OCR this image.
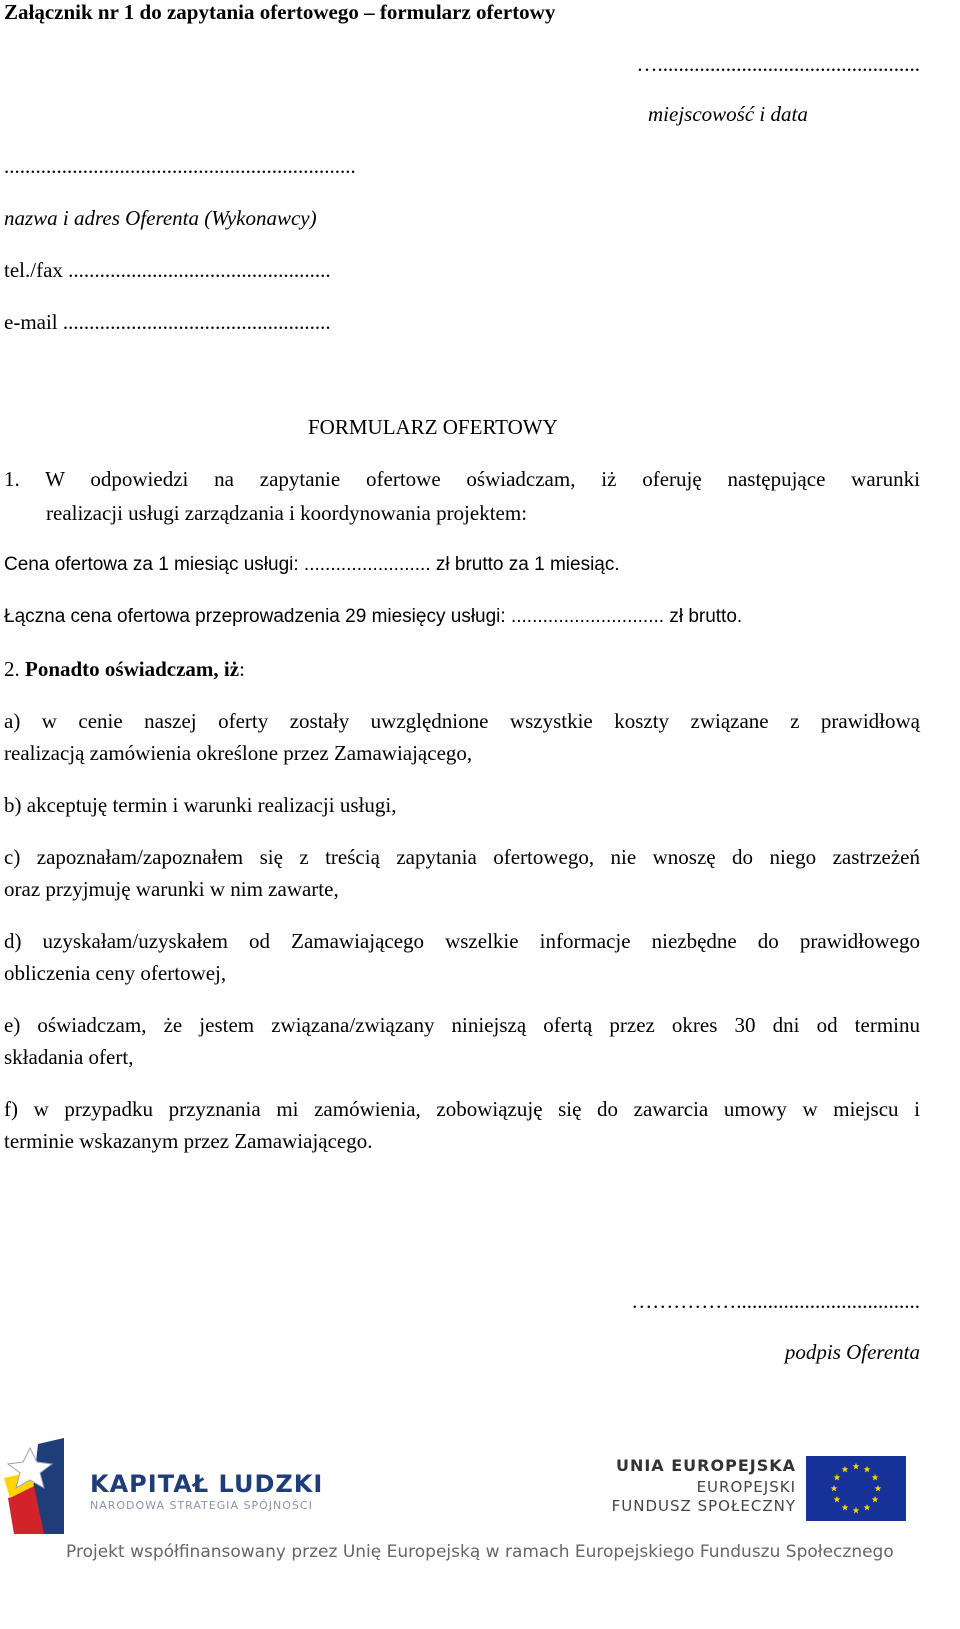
Załącznik nr 1 do zapytania ofertowego – formularz ofertowy
…..................................................
miejscowość i data
...................................................................
nazwa i adres Oferenta (Wykonawcy)
tel./fax ..................................................
e-mail ...................................................
FORMULARZ OFERTOWY
1. W odpowiedzi na zapytanie ofertowe oświadczam, iż oferuję następujące warunki
realizacji usługi zarządzania i koordynowania projektem:
Cena ofertowa za 1 miesiąc usługi: ........................ zł brutto za 1 miesiąc.
Łączna cena ofertowa przeprowadzenia 29 miesięcy usługi: ............................. zł brutto.
2. Ponadto oświadczam, iż:
a) w cenie naszej oferty zostały uwzględnione wszystkie koszty związane z prawidłową
realizacją zamówienia określone przez Zamawiającego,
b) akceptuję termin i warunki realizacji usługi,
c) zapoznałam/zapoznałem się z treścią zapytania ofertowego, nie wnoszę do niego zastrzeżeń
oraz przyjmuję warunki w nim zawarte,
d) uzyskałam/uzyskałem od Zamawiającego wszelkie informacje niezbędne do prawidłowego
obliczenia ceny ofertowej,
e) oświadczam, że jestem związana/związany niniejszą ofertą przez okres 30 dni od terminu
składania ofert,
f) w przypadku przyznania mi zamówienia, zobowiązuję się do zawarcia umowy w miejscu i
terminie wskazanym przez Zamawiającego.
……………...................................
podpis Oferenta
KAPITAŁ LUDZKI
NARODOWA STRATEGIA SPÓJNOŚCI
UNIA EUROPEJSKA
EUROPEJSKI
FUNDUSZ SPOŁECZNY
Projekt współfinansowany przez Unię Europejską w ramach Europejskiego Funduszu Społecznego
